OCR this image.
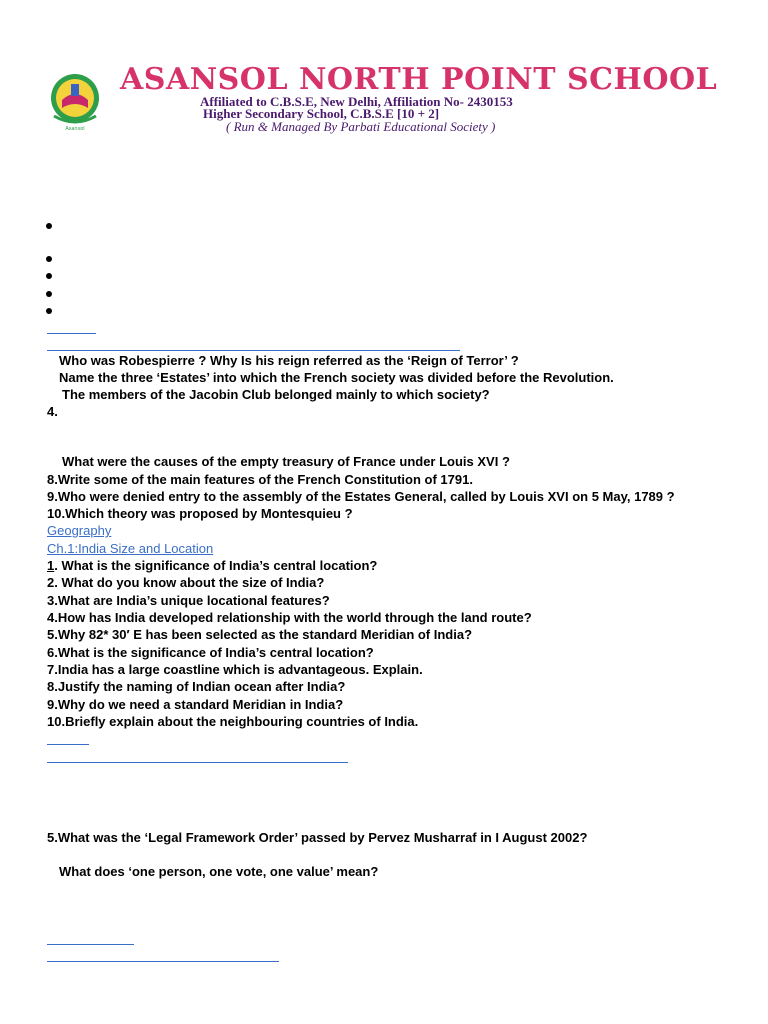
Asansol
ASANSOL NORTH POINT SCHOOL
Affiliated to C.B.S.E, New Delhi, Affiliation No- 2430153
Higher Secondary School, C.B.S.E [10 + 2]
( Run & Managed By Parbati Educational Society )
Who was Robespierre ? Why Is his reign referred as the ‘Reign of Terror’ ?
Name the three ‘Estates’ into which the French society was divided before the Revolution.
The members of the Jacobin Club belonged mainly to which society?
4.
What were the causes of the empty treasury of France under Louis XVI ?
8.Write some of the main features of the French Constitution of 1791.
9.Who were denied entry to the assembly of the Estates General, called by Louis XVI on 5 May, 1789 ?
10.Which theory was proposed by Montesquieu ?
Geography
Ch.1:India Size and Location
1. What is the significance of India’s central location?
2. What do you know about the size of India?
3.What are India’s unique locational features?
4.How has India developed relationship with the world through the land route?
5.Why 82* 30′ E has been selected as the standard Meridian of India?
6.What is the significance of India’s central location?
7.India has a large coastline which is advantageous. Explain.
8.Justify the naming of Indian ocean after India?
9.Why do we need a standard Meridian in India?
10.Briefly explain about the neighbouring countries of India.
5.What was the ‘Legal Framework Order’ passed by Pervez Musharraf in I August 2002?
What does ‘one person, one vote, one value’ mean?
